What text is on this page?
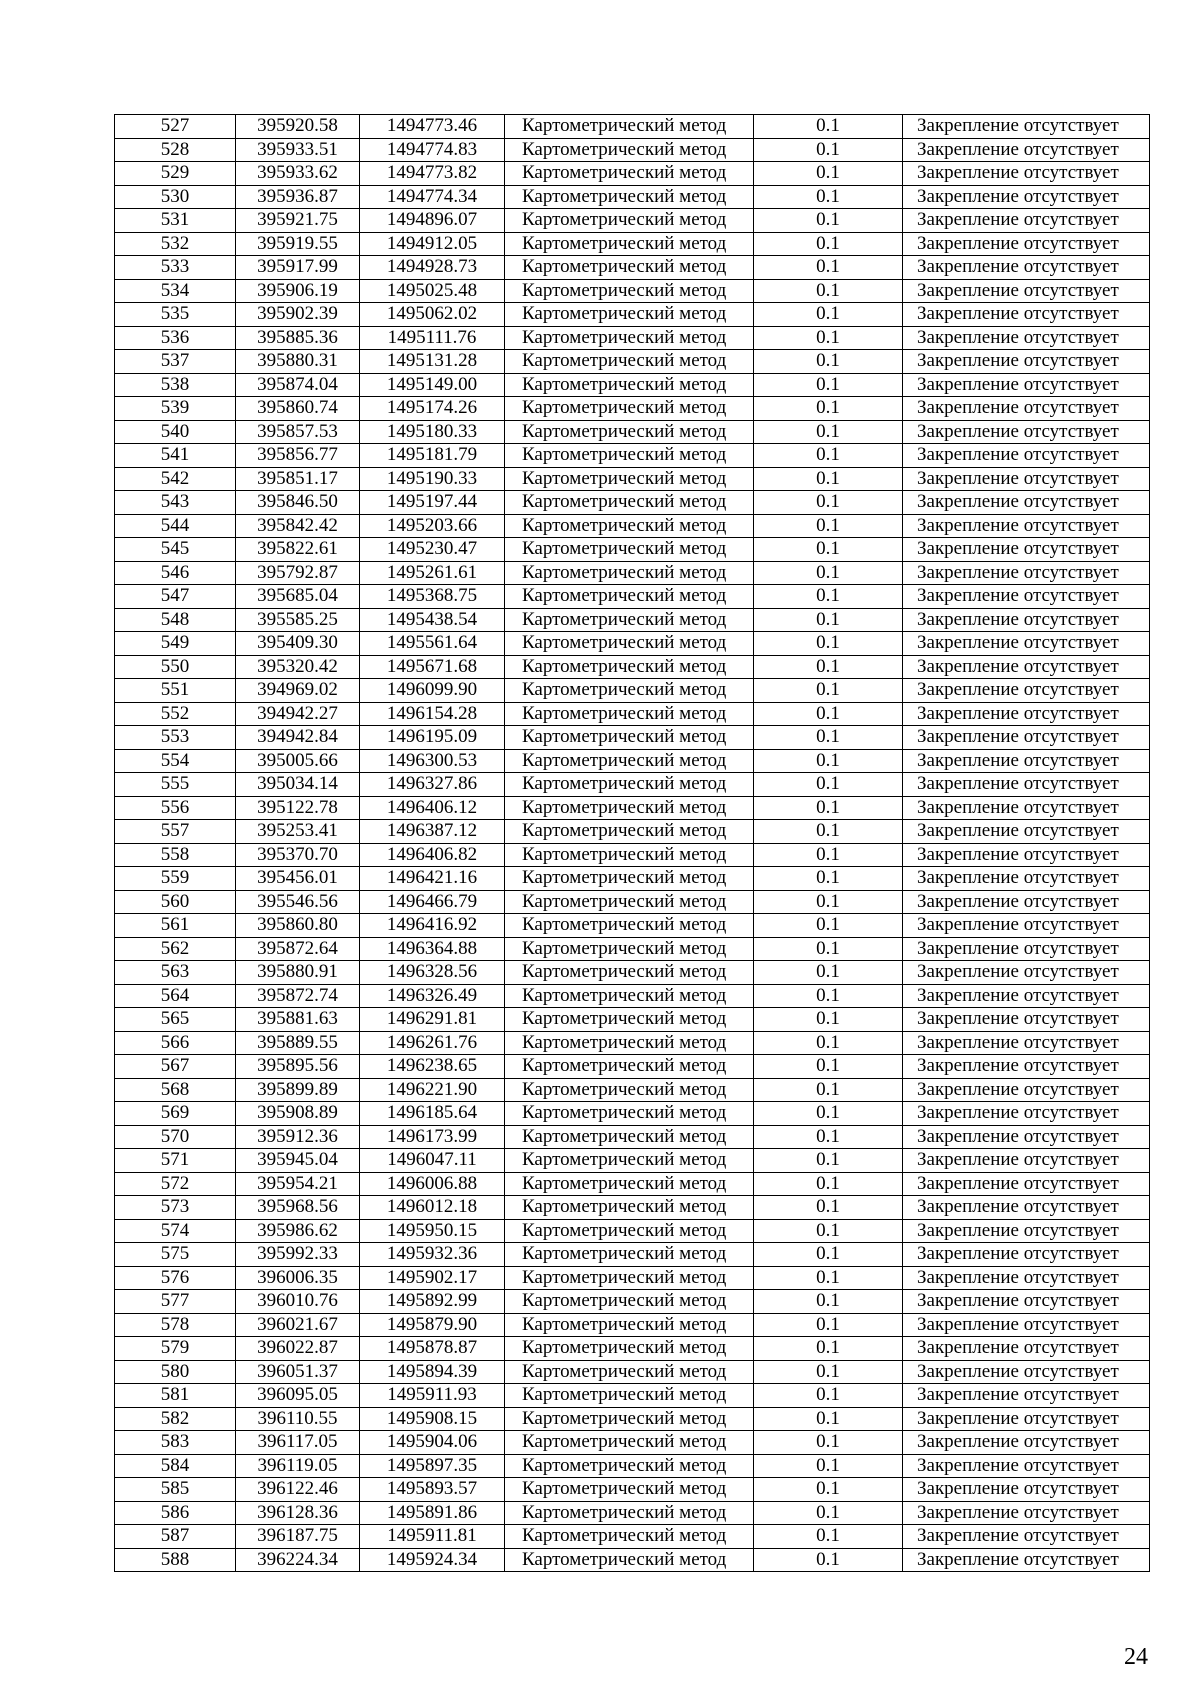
527	395920.58	1494773.46	Картометрический метод	0.1	Закрепление отсутствует
528	395933.51	1494774.83	Картометрический метод	0.1	Закрепление отсутствует
529	395933.62	1494773.82	Картометрический метод	0.1	Закрепление отсутствует
530	395936.87	1494774.34	Картометрический метод	0.1	Закрепление отсутствует
531	395921.75	1494896.07	Картометрический метод	0.1	Закрепление отсутствует
532	395919.55	1494912.05	Картометрический метод	0.1	Закрепление отсутствует
533	395917.99	1494928.73	Картометрический метод	0.1	Закрепление отсутствует
534	395906.19	1495025.48	Картометрический метод	0.1	Закрепление отсутствует
535	395902.39	1495062.02	Картометрический метод	0.1	Закрепление отсутствует
536	395885.36	1495111.76	Картометрический метод	0.1	Закрепление отсутствует
537	395880.31	1495131.28	Картометрический метод	0.1	Закрепление отсутствует
538	395874.04	1495149.00	Картометрический метод	0.1	Закрепление отсутствует
539	395860.74	1495174.26	Картометрический метод	0.1	Закрепление отсутствует
540	395857.53	1495180.33	Картометрический метод	0.1	Закрепление отсутствует
541	395856.77	1495181.79	Картометрический метод	0.1	Закрепление отсутствует
542	395851.17	1495190.33	Картометрический метод	0.1	Закрепление отсутствует
543	395846.50	1495197.44	Картометрический метод	0.1	Закрепление отсутствует
544	395842.42	1495203.66	Картометрический метод	0.1	Закрепление отсутствует
545	395822.61	1495230.47	Картометрический метод	0.1	Закрепление отсутствует
546	395792.87	1495261.61	Картометрический метод	0.1	Закрепление отсутствует
547	395685.04	1495368.75	Картометрический метод	0.1	Закрепление отсутствует
548	395585.25	1495438.54	Картометрический метод	0.1	Закрепление отсутствует
549	395409.30	1495561.64	Картометрический метод	0.1	Закрепление отсутствует
550	395320.42	1495671.68	Картометрический метод	0.1	Закрепление отсутствует
551	394969.02	1496099.90	Картометрический метод	0.1	Закрепление отсутствует
552	394942.27	1496154.28	Картометрический метод	0.1	Закрепление отсутствует
553	394942.84	1496195.09	Картометрический метод	0.1	Закрепление отсутствует
554	395005.66	1496300.53	Картометрический метод	0.1	Закрепление отсутствует
555	395034.14	1496327.86	Картометрический метод	0.1	Закрепление отсутствует
556	395122.78	1496406.12	Картометрический метод	0.1	Закрепление отсутствует
557	395253.41	1496387.12	Картометрический метод	0.1	Закрепление отсутствует
558	395370.70	1496406.82	Картометрический метод	0.1	Закрепление отсутствует
559	395456.01	1496421.16	Картометрический метод	0.1	Закрепление отсутствует
560	395546.56	1496466.79	Картометрический метод	0.1	Закрепление отсутствует
561	395860.80	1496416.92	Картометрический метод	0.1	Закрепление отсутствует
562	395872.64	1496364.88	Картометрический метод	0.1	Закрепление отсутствует
563	395880.91	1496328.56	Картометрический метод	0.1	Закрепление отсутствует
564	395872.74	1496326.49	Картометрический метод	0.1	Закрепление отсутствует
565	395881.63	1496291.81	Картометрический метод	0.1	Закрепление отсутствует
566	395889.55	1496261.76	Картометрический метод	0.1	Закрепление отсутствует
567	395895.56	1496238.65	Картометрический метод	0.1	Закрепление отсутствует
568	395899.89	1496221.90	Картометрический метод	0.1	Закрепление отсутствует
569	395908.89	1496185.64	Картометрический метод	0.1	Закрепление отсутствует
570	395912.36	1496173.99	Картометрический метод	0.1	Закрепление отсутствует
571	395945.04	1496047.11	Картометрический метод	0.1	Закрепление отсутствует
572	395954.21	1496006.88	Картометрический метод	0.1	Закрепление отсутствует
573	395968.56	1496012.18	Картометрический метод	0.1	Закрепление отсутствует
574	395986.62	1495950.15	Картометрический метод	0.1	Закрепление отсутствует
575	395992.33	1495932.36	Картометрический метод	0.1	Закрепление отсутствует
576	396006.35	1495902.17	Картометрический метод	0.1	Закрепление отсутствует
577	396010.76	1495892.99	Картометрический метод	0.1	Закрепление отсутствует
578	396021.67	1495879.90	Картометрический метод	0.1	Закрепление отсутствует
579	396022.87	1495878.87	Картометрический метод	0.1	Закрепление отсутствует
580	396051.37	1495894.39	Картометрический метод	0.1	Закрепление отсутствует
581	396095.05	1495911.93	Картометрический метод	0.1	Закрепление отсутствует
582	396110.55	1495908.15	Картометрический метод	0.1	Закрепление отсутствует
583	396117.05	1495904.06	Картометрический метод	0.1	Закрепление отсутствует
584	396119.05	1495897.35	Картометрический метод	0.1	Закрепление отсутствует
585	396122.46	1495893.57	Картометрический метод	0.1	Закрепление отсутствует
586	396128.36	1495891.86	Картометрический метод	0.1	Закрепление отсутствует
587	396187.75	1495911.81	Картометрический метод	0.1	Закрепление отсутствует
588	396224.34	1495924.34	Картометрический метод	0.1	Закрепление отсутствует
24
